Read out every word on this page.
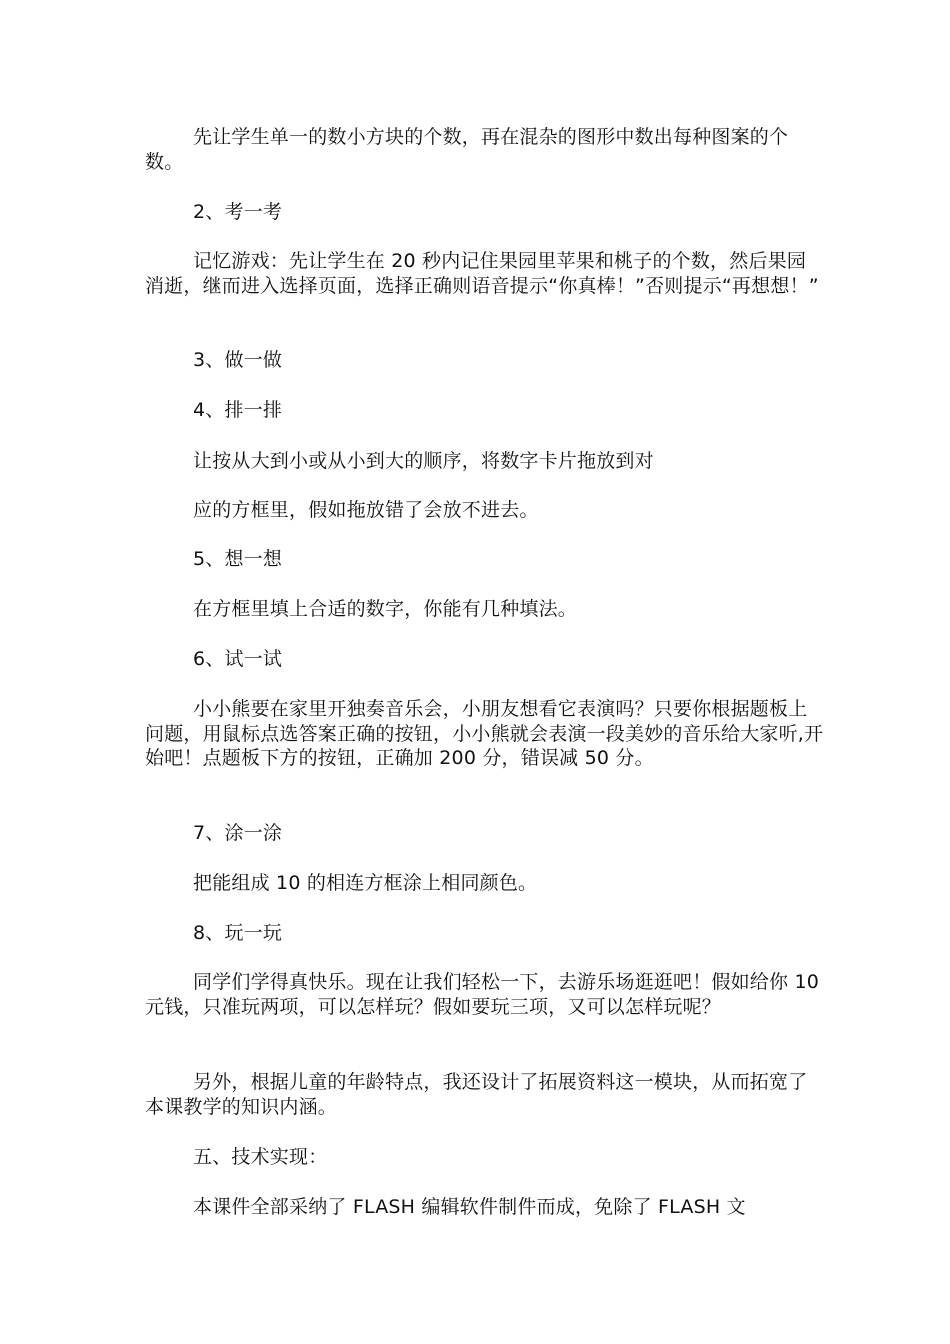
先让学生单一的数小方块的个数，再在混杂的图形中数出每种图案的个数。
2、考一考
记忆游戏：先让学生在 20 秒内记住果园里苹果和桃子的个数，然后果园消逝，继而进入选择页面，选择正确则语音提示“你真棒！”否则提示“再想想！”
3、做一做
4、排一排
让按从大到小或从小到大的顺序，将数字卡片拖放到对
应的方框里，假如拖放错了会放不进去。
5、想一想
在方框里填上合适的数字，你能有几种填法。
6、试一试
小小熊要在家里开独奏音乐会，小朋友想看它表演吗？只要你根据题板上问题，用鼠标点选答案正确的按钮，小小熊就会表演一段美妙的音乐给大家听,开始吧！点题板下方的按钮，正确加 200 分，错误减 50 分。
7、涂一涂
把能组成 10 的相连方框涂上相同颜色。
8、玩一玩
同学们学得真快乐。现在让我们轻松一下，去游乐场逛逛吧！假如给你 10 元钱，只准玩两项，可以怎样玩？假如要玩三项，又可以怎样玩呢？
另外，根据儿童的年龄特点，我还设计了拓展资料这一模块，从而拓宽了本课教学的知识内涵。
五、技术实现：
本课件全部采纳了 FLASH 编辑软件制件而成，免除了 FLASH 文
